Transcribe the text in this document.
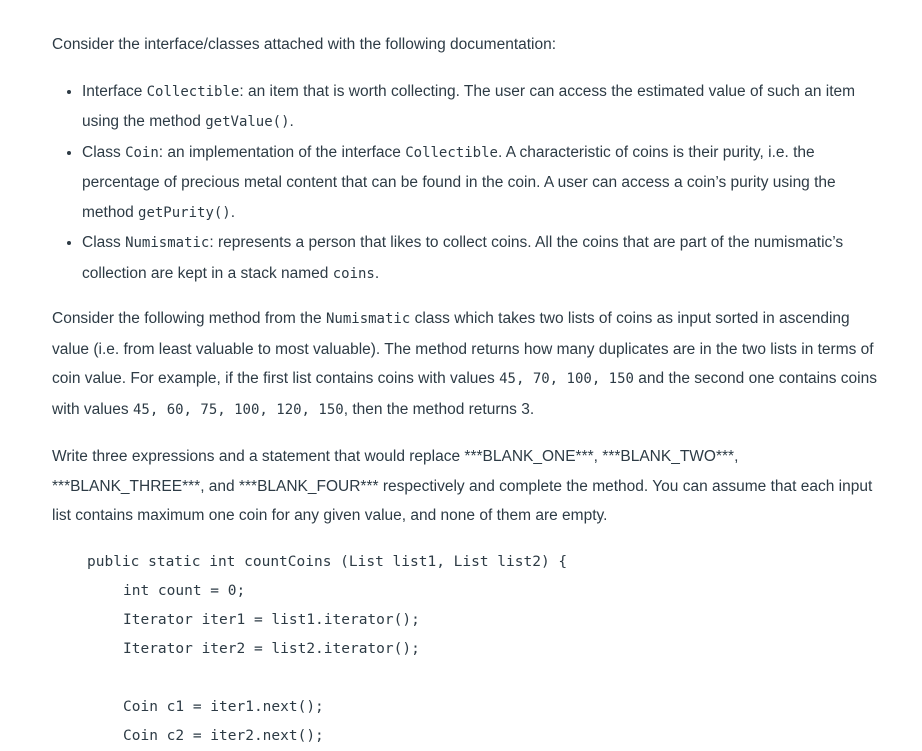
Consider the interface/classes attached with the following documentation:

• Interface Collectible: an item that is worth collecting. The user can access the estimated value of such an item using the method getValue().
• Class Coin: an implementation of the interface Collectible. A characteristic of coins is their purity, i.e. the percentage of precious metal content that can be found in the coin. A user can access a coin’s purity using the method getPurity().
• Class Numismatic: represents a person that likes to collect coins. All the coins that are part of the numismatic’s collection are kept in a stack named coins.

Consider the following method from the Numismatic class which takes two lists of coins as input sorted in ascending value (i.e. from least valuable to most valuable). The method returns how many duplicates are in the two lists in terms of coin value. For example, if the first list contains coins with values 45, 70, 100, 150 and the second one contains coins with values 45, 60, 75, 100, 120, 150, then the method returns 3.

Write three expressions and a statement that would replace ***BLANK_ONE***, ***BLANK_TWO***, ***BLANK_THREE***, and ***BLANK_FOUR*** respectively and complete the method. You can assume that each input list contains maximum one coin for any given value, and none of them are empty.

public static int countCoins (List list1, List list2) {
int count = 0;
Iterator iter1 = list1.iterator();
Iterator iter2 = list2.iterator();
Coin c1 = iter1.next();
Coin c2 = iter2.next();
